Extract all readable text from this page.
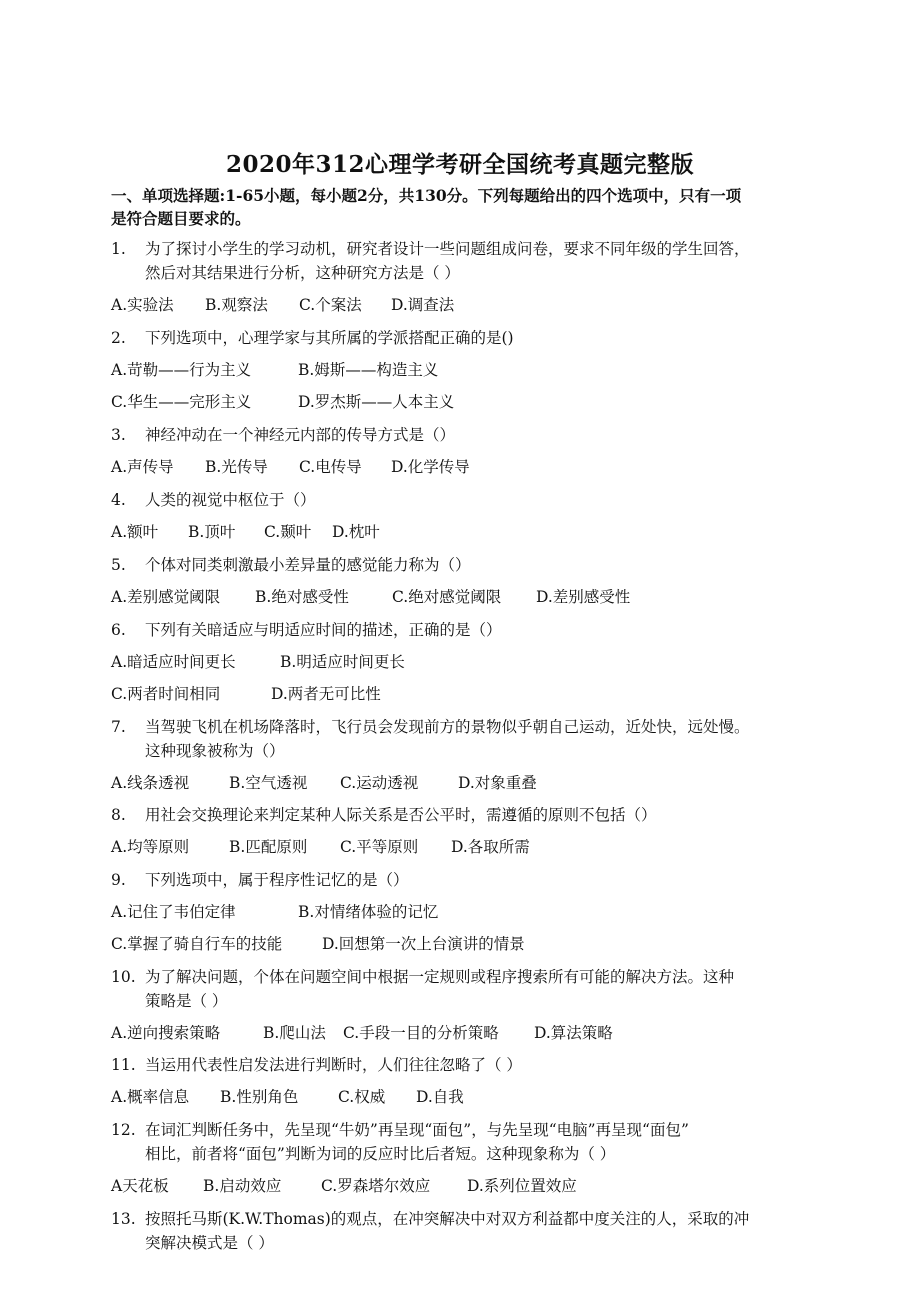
2020年312心理学考研全国统考真题完整版
一、单项选择题:1-65小题，每小题2分，共130分。下列每题给出的四个选项中，只有一项
是符合题目要求的。
1. 为了探讨小学生的学习动机，研究者设计一些问题组成问卷，要求不同年级的学生回答，
然后对其结果进行分析，这种研究方法是（ ）
A.实验法 B.观察法 C.个案法 D.调查法
2. 下列选项中，心理学家与其所属的学派搭配正确的是()
A.苛勒——行为主义	B.姆斯——构造主义
C.华生——完形主义	D.罗杰斯——人本主义
3. 神经冲动在一个神经元内部的传导方式是（）
A.声传导 B.光传导 C.电传导 D.化学传导
4. 人类的视觉中枢位于（）
A.额叶 B.顶叶 C.颞叶 D.枕叶
5. 个体对同类刺激最小差异量的感觉能力称为（）
A.差别感觉阈限 B.绝对感受性	C.绝对感觉阈限 D.差别感受性
6. 下列有关暗适应与明适应时间的描述，正确的是（）
A.暗适应时间更长	B.明适应时间更长
C.两者时间相同	D.两者无可比性
7. 当驾驶飞机在机场降落时，飞行员会发现前方的景物似乎朝自己运动，近处快，远处慢。
这种现象被称为（）
A.线条透视	B.空气透视 C.运动透视	D.对象重叠
8. 用社会交换理论来判定某种人际关系是否公平时，需遵循的原则不包括（）
A.均等原则	B.匹配原则 C.平等原则 D.各取所需
9. 下列选项中，属于程序性记忆的是（）
A.记住了韦伯定律	B.对情绪体验的记忆
C.掌握了骑自行车的技能	D.回想第一次上台演讲的情景
10. 为了解决问题，个体在问题空间中根据一定规则或程序搜索所有可能的解决方法。这种
策略是（ ）
A.逆向搜索策略	B.爬山法 C.手段一目的分析策略 D.算法策略
11. 当运用代表性启发法进行判断时，人们往往忽略了（ ）
A.概率信息 B.性别角色	C.权威 D.自我
12. 在词汇判断任务中，先呈现“牛奶”再呈现“面包”，与先呈现“电脑”再呈现“面包”
相比，前者将“面包”判断为词的反应时比后者短。这种现象称为（ ）
A天花板 B.启动效应	C.罗森塔尔效应 D.系列位置效应
13. 按照托马斯(K.W.Thomas)的观点，在冲突解决中对双方利益都中度关注的人，采取的冲
突解决模式是（ ）
